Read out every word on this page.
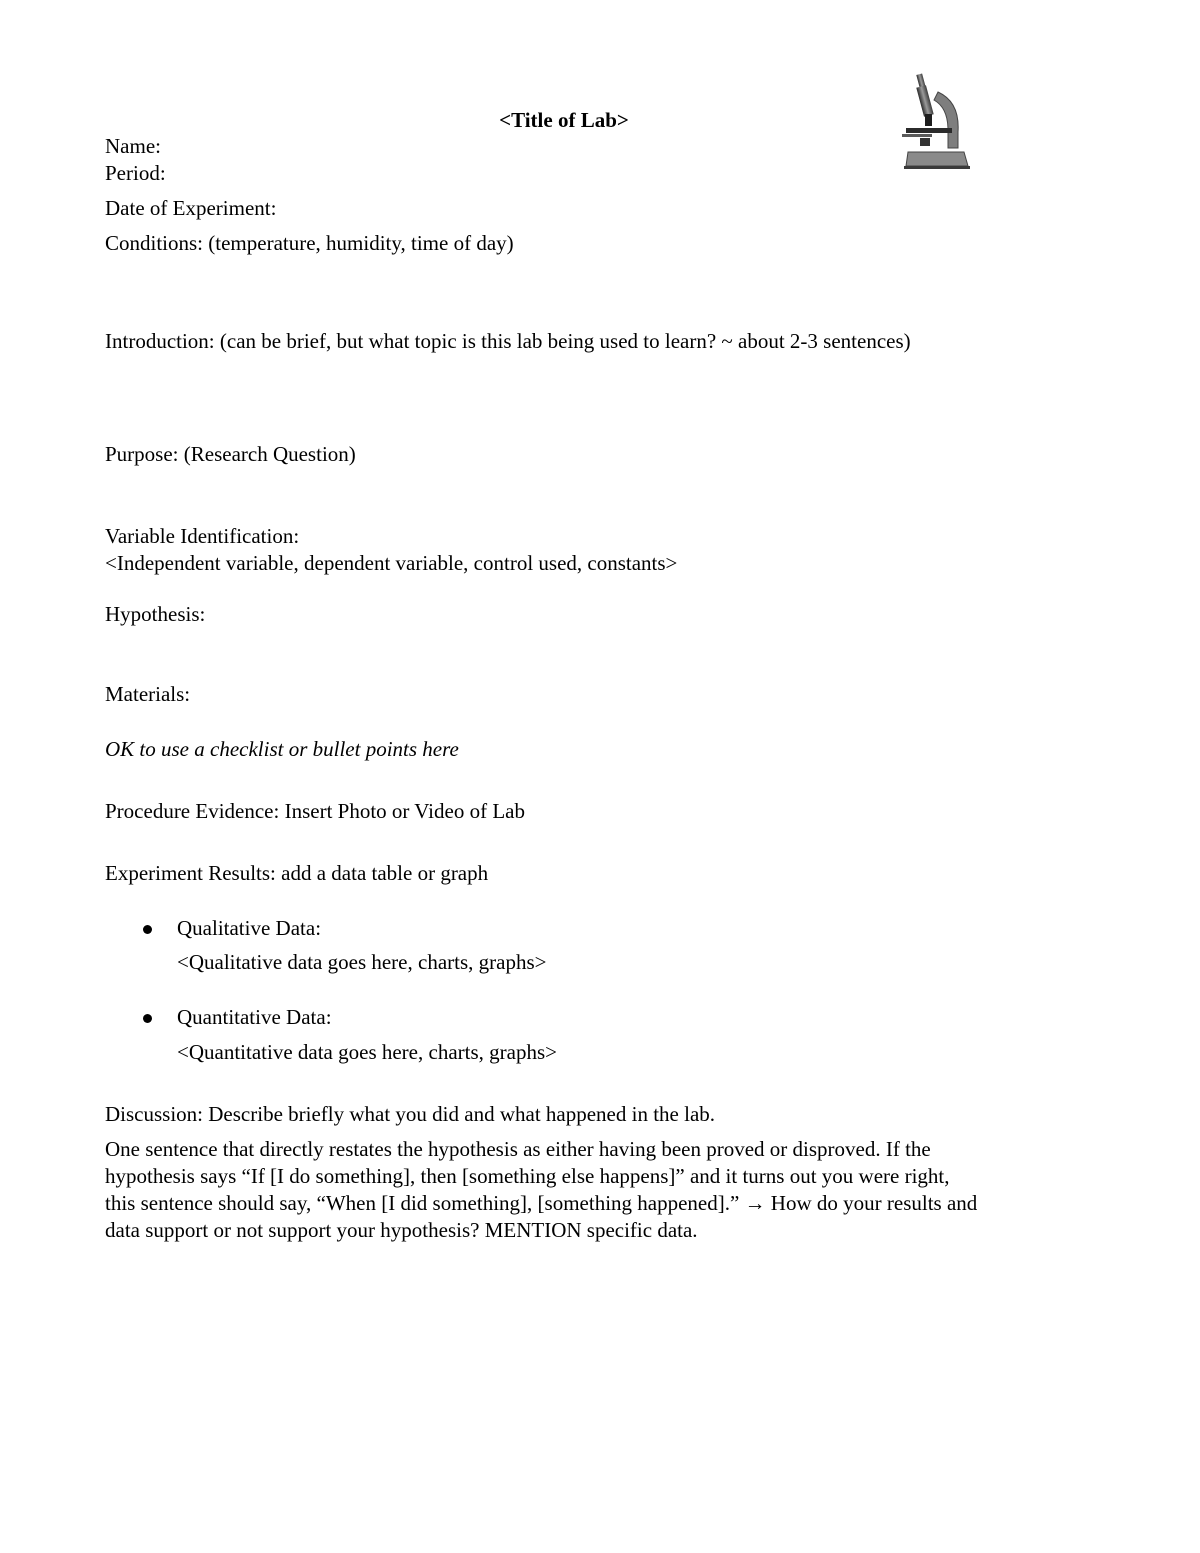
<Title of Lab>
Name:
Period:
Date of Experiment:
Conditions: (temperature, humidity, time of day)
Introduction: (can be brief, but what topic is this lab being used to learn? ~ about 2-3 sentences)
Purpose: (Research Question)
Variable Identification:
<Independent variable, dependent variable, control used, constants>
Hypothesis:
Materials:
OK to use a checklist or bullet points here
Procedure Evidence: Insert Photo or Video of Lab
Experiment Results: add a data table or graph
Qualitative Data:
<Qualitative data goes here, charts, graphs>
Quantitative Data:
<Quantitative data goes here, charts, graphs>
Discussion: Describe briefly what you did and what happened in the lab.
One sentence that directly restates the hypothesis as either having been proved or disproved. If the
hypothesis says “If [I do something], then [something else happens]” and it turns out you were right,
this sentence should say, “When [I did something], [something happened].” → How do your results and
data support or not support your hypothesis? MENTION specific data.
